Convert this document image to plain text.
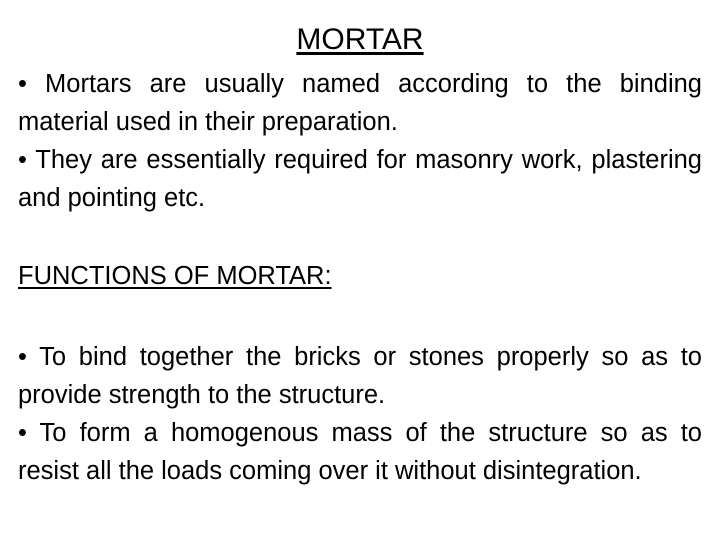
MORTAR

• Mortars are usually named according to the binding material used in their preparation.

• They are essentially required for masonry work, plastering and pointing etc.

FUNCTIONS OF MORTAR:

• To bind together the bricks or stones properly so as to provide strength to the structure.

• To form a homogenous mass of the structure so as to resist all the loads coming over it without disintegration.
